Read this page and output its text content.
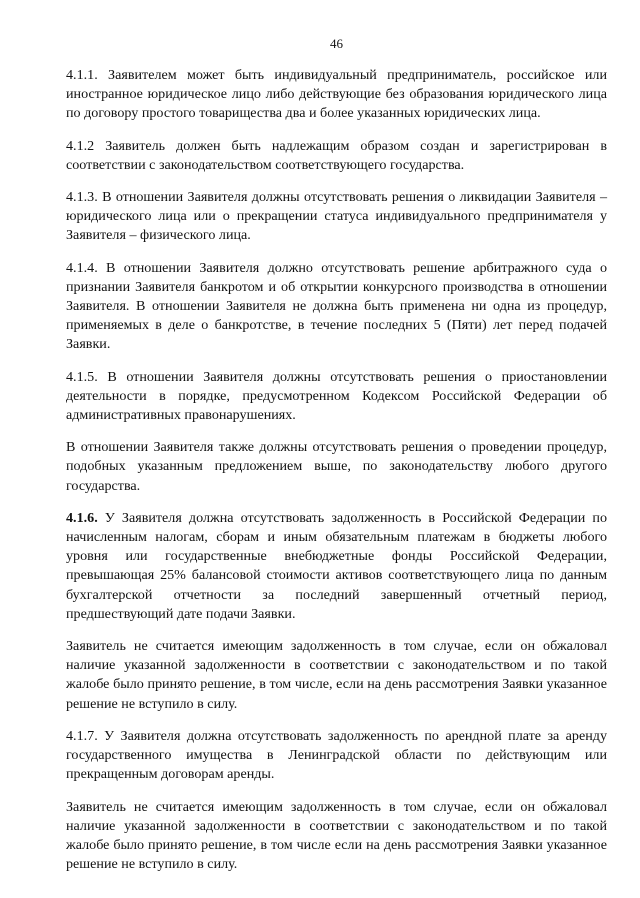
46

4.1.1. Заявителем может быть индивидуальный предприниматель, российское или иностранное юридическое лицо либо действующие без образования юридического лица по договору простого товарищества два и более указанных юридических лица.

4.1.2 Заявитель должен быть надлежащим образом создан и зарегистрирован в соответствии с законодательством соответствующего государства.

4.1.3. В отношении Заявителя должны отсутствовать решения о ликвидации Заявителя – юридического лица или о прекращении статуса индивидуального предпринимателя у Заявителя – физического лица.

4.1.4. В отношении Заявителя должно отсутствовать решение арбитражного суда о признании Заявителя банкротом и об открытии конкурсного производства в отношении Заявителя. В отношении Заявителя не должна быть применена ни одна из процедур, применяемых в деле о банкротстве, в течение последних 5 (Пяти) лет перед подачей Заявки.

4.1.5. В отношении Заявителя должны отсутствовать решения о приостановлении деятельности в порядке, предусмотренном Кодексом Российской Федерации об административных правонарушениях.

В отношении Заявителя также должны отсутствовать решения о проведении процедур, подобных указанным предложением выше, по законодательству любого другого государства.

4.1.6. У Заявителя должна отсутствовать задолженность в Российской Федерации по начисленным налогам, сборам и иным обязательным платежам в бюджеты любого уровня или государственные внебюджетные фонды Российской Федерации, превышающая 25% балансовой стоимости активов соответствующего лица по данным бухгалтерской отчетности за последний завершенный отчетный период, предшествующий дате подачи Заявки.

Заявитель не считается имеющим задолженность в том случае, если он обжаловал наличие указанной задолженности в соответствии с законодательством и по такой жалобе было принято решение, в том числе, если на день рассмотрения Заявки указанное решение не вступило в силу.

4.1.7. У Заявителя должна отсутствовать задолженность по арендной плате за аренду государственного имущества в Ленинградской области по действующим или прекращенным договорам аренды.

Заявитель не считается имеющим задолженность в том случае, если он обжаловал наличие указанной задолженности в соответствии с законодательством и по такой жалобе было принято решение, в том числе если на день рассмотрения Заявки указанное решение не вступило в силу.
